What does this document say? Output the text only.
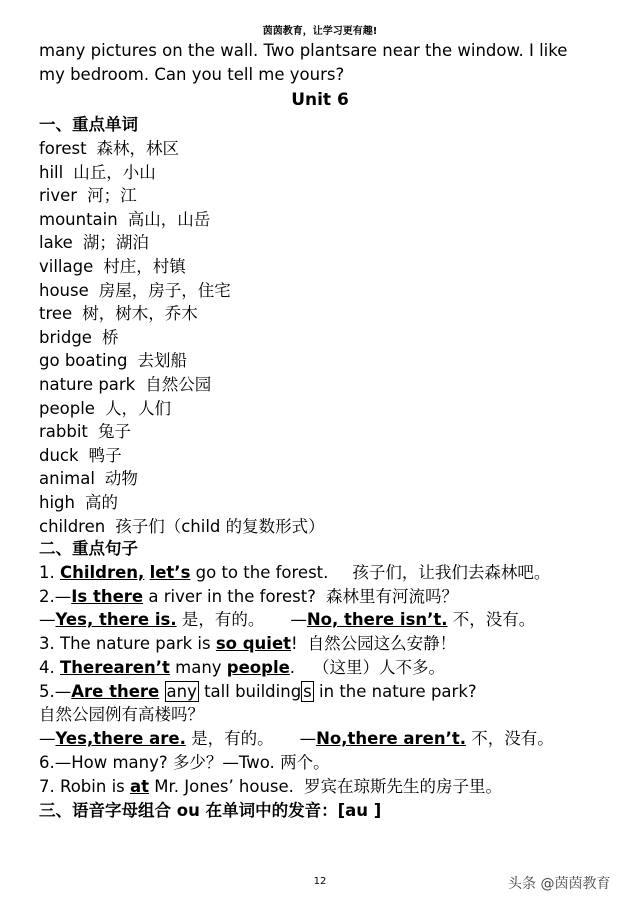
茵茵教育，让学习更有趣!
many pictures on the wall. Two plantsare near the window. I like
my bedroom. Can you tell me yours?
Unit 6
一、重点单词
forest 森林，林区
hill 山丘，小山
river 河；江
mountain 高山，山岳
lake 湖；湖泊
village 村庄，村镇
house 房屋，房子，住宅
tree 树，树木，乔木
bridge 桥
go boating 去划船
nature park 自然公园
people 人，人们
rabbit 兔子
duck 鸭子
animal 动物
high 高的
children 孩子们（child 的复数形式）
二、重点句子
1. Children, let’s go to the forest. 孩子们，让我们去森林吧。
2.—Is there a river in the forest? 森林里有河流吗？
—Yes, there is. 是，有的。 —No, there isn’t. 不，没有。
3. The nature park is so quiet! 自然公园这么安静！
4. Therearen’t many people. （这里）人不多。
5.—Are there any tall building s in the nature park?
自然公园例有高楼吗？
—Yes,there are. 是，有的。 —No,there aren’t. 不，没有。
6.—How many? 多少？—Two. 两个。
7. Robin is at Mr. Jones’ house. 罗宾在琼斯先生的房子里。
三、语音字母组合 ou 在单词中的发音：[au ]
12	头条 @茵茵教育
